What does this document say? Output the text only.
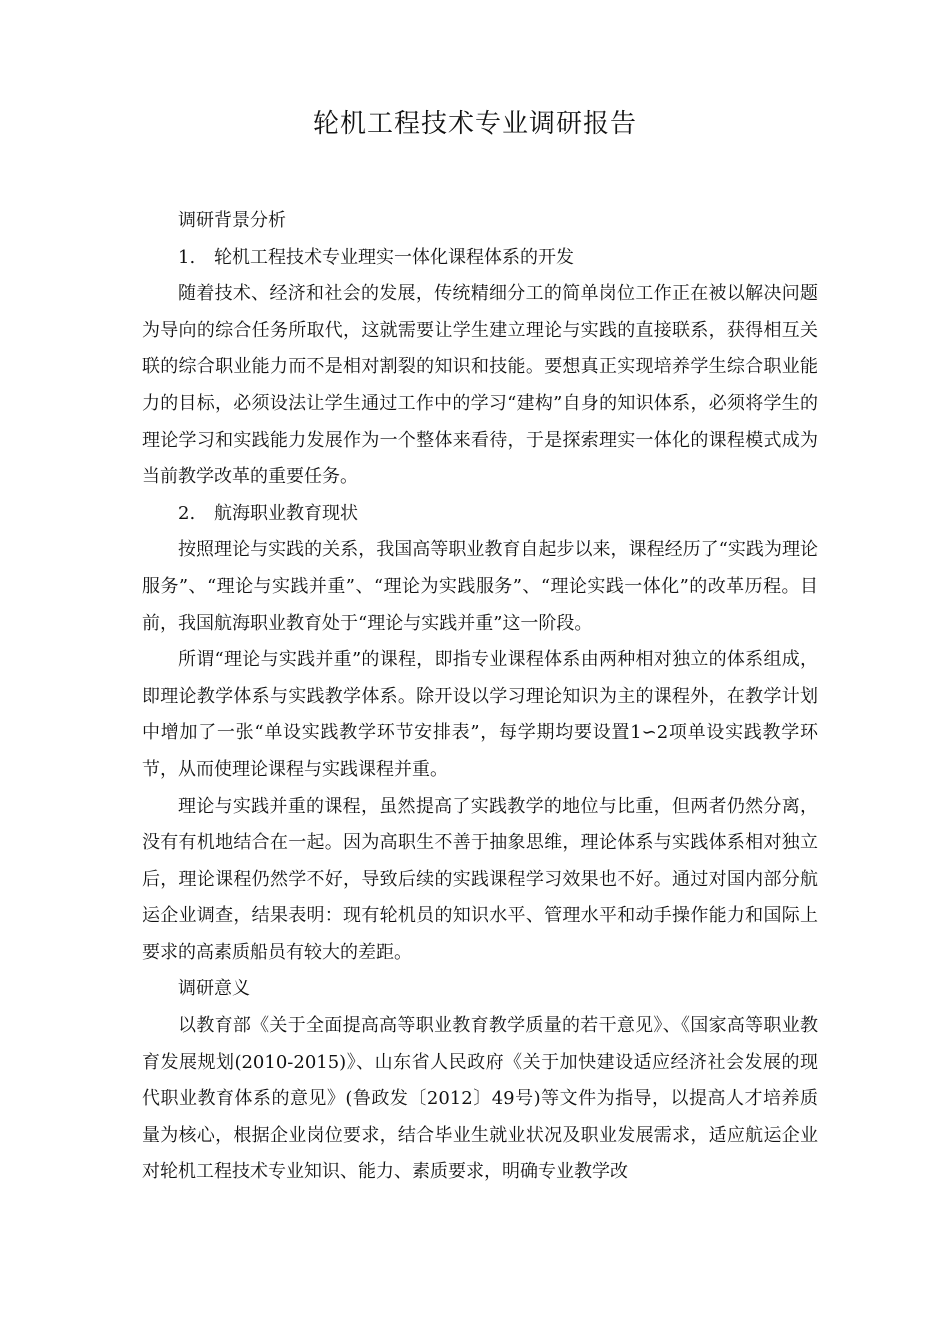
轮机工程技术专业调研报告

调研背景分析

1. 轮机工程技术专业理实一体化课程体系的开发

随着技术、经济和社会的发展，传统精细分工的简单岗位工作正在被以解决问题为导向的综合任务所取代，这就需要让学生建立理论与实践的直接联系，获得相互关联的综合职业能力而不是相对割裂的知识和技能。要想真正实现培养学生综合职业能力的目标，必须设法让学生通过工作中的学习“建构”自身的知识体系，必须将学生的理论学习和实践能力发展作为一个整体来看待，于是探索理实一体化的课程模式成为当前教学改革的重要任务。

2. 航海职业教育现状

按照理论与实践的关系，我国高等职业教育自起步以来，课程经历了“实践为理论服务”、“理论与实践并重”、“理论为实践服务”、“理论实践一体化”的改革历程。目前，我国航海职业教育处于“理论与实践并重”这一阶段。

所谓“理论与实践并重”的课程，即指专业课程体系由两种相对独立的体系组成，即理论教学体系与实践教学体系。除开设以学习理论知识为主的课程外，在教学计划中增加了一张“单设实践教学环节安排表”，每学期均要设置1∽2项单设实践教学环节，从而使理论课程与实践课程并重。

理论与实践并重的课程，虽然提高了实践教学的地位与比重，但两者仍然分离，没有有机地结合在一起。因为高职生不善于抽象思维，理论体系与实践体系相对独立后，理论课程仍然学不好，导致后续的实践课程学习效果也不好。通过对国内部分航运企业调查，结果表明：现有轮机员的知识水平、管理水平和动手操作能力和国际上要求的高素质船员有较大的差距。

调研意义

以教育部《关于全面提高高等职业教育教学质量的若干意见》、《国家高等职业教育发展规划(2010-2015)》、山东省人民政府《关于加快建设适应经济社会发展的现代职业教育体系的意见》(鲁政发〔2012〕49号)等文件为指导，以提高人才培养质量为核心，根据企业岗位要求，结合毕业生就业状况及职业发展需求，适应航运企业对轮机工程技术专业知识、能力、素质要求，明确专业教学改
